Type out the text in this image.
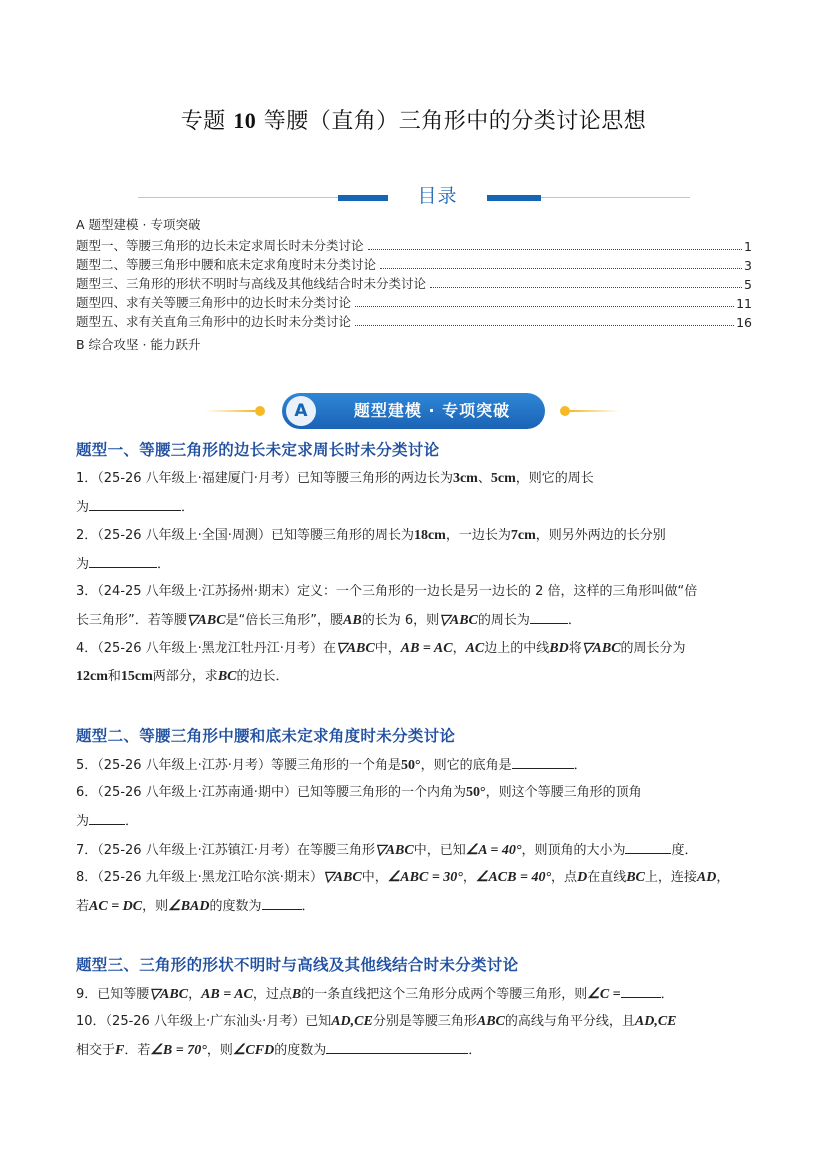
专题 10 等腰（直角）三角形中的分类讨论思想
目录
A 题型建模 · 专项突破
题型一、等腰三角形的边长未定求周长时未分类讨论	1
题型二、等腰三角形中腰和底未定求角度时未分类讨论	3
题型三、三角形的形状不明时与高线及其他线结合时未分类讨论	5
题型四、求有关等腰三角形中的边长时未分类讨论	11
题型五、求有关直角三角形中的边长时未分类讨论	16
B 综合攻坚 · 能力跃升
A	题型建模 · 专项突破
题型一、等腰三角形的边长未定求周长时未分类讨论
1．（25-26 八年级上·福建厦门·月考）已知等腰三角形的两边长为3cm、5cm，则它的周长
为	．
2．（25-26 八年级上·全国·周测）已知等腰三角形的周长为18cm，一边长为7cm，则另外两边的长分别
为	．
3．（24-25 八年级上·江苏扬州·期末）定义：一个三角形的一边长是另一边长的 2 倍，这样的三角形叫做“倍
长三角形”．若等腰▽ABC是“倍长三角形”，腰AB的长为 6，则▽ABC的周长为	．
4．（25-26 八年级上·黑龙江牡丹江·月考）在▽ABC中，AB = AC，AC边上的中线BD将▽ABC的周长分为
12cm和15cm两部分，求BC的边长．
题型二、等腰三角形中腰和底未定求角度时未分类讨论
5．（25-26 八年级上·江苏·月考）等腰三角形的一个角是50°，则它的底角是	．
6．（25-26 八年级上·江苏南通·期中）已知等腰三角形的一个内角为50°，则这个等腰三角形的顶角
为	．
7．（25-26 八年级上·江苏镇江·月考）在等腰三角形▽ABC中，已知∠A = 40°，则顶角的大小为	度．
8．（25-26 九年级上·黑龙江哈尔滨·期末）▽ABC中，∠ABC = 30°，∠ACB = 40°，点D在直线BC上，连接AD，
若AC = DC，则∠BAD的度数为	．
题型三、三角形的形状不明时与高线及其他线结合时未分类讨论
9．已知等腰▽ABC，AB = AC，过点B的一条直线把这个三角形分成两个等腰三角形，则∠C =	．
10．（25-26 八年级上·广东汕头·月考）已知AD,CE分别是等腰三角形ABC的高线与角平分线，且AD,CE
相交于F．若∠B = 70°，则∠CFD的度数为	．
